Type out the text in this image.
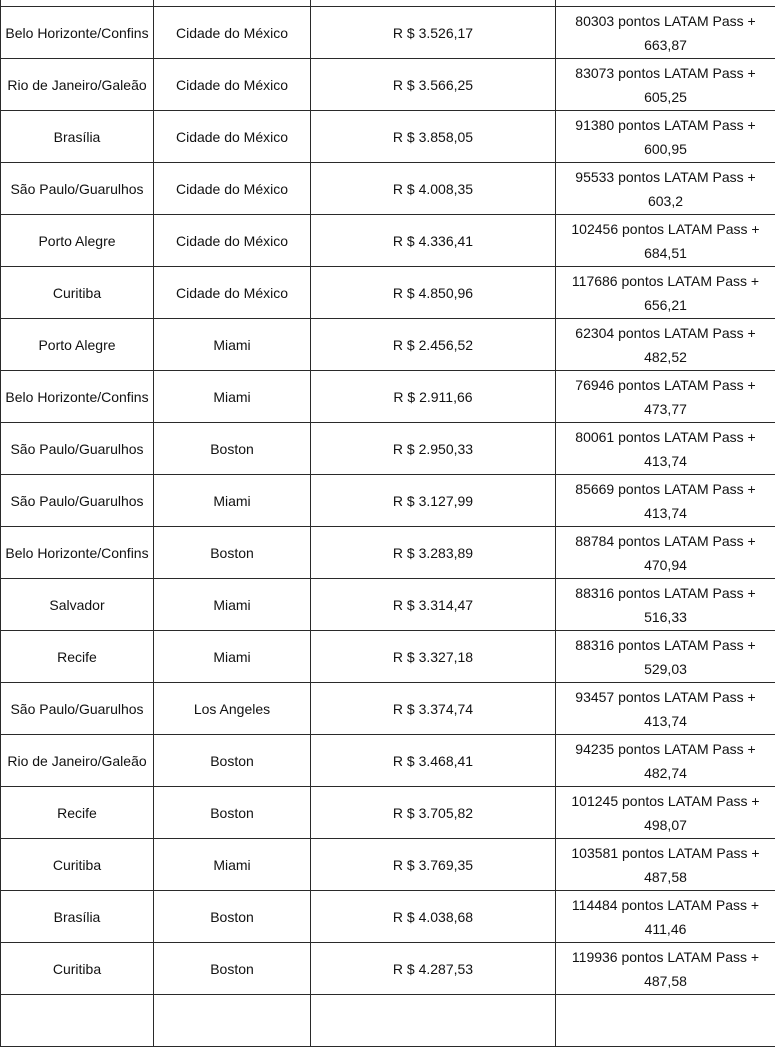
Belo Horizonte/Confins	Cidade do México	R $ 3.526,17	80303 pontos LATAM Pass + 663,87
Rio de Janeiro/Galeão	Cidade do México	R $ 3.566,25	83073 pontos LATAM Pass + 605,25
Brasília	Cidade do México	R $ 3.858,05	91380 pontos LATAM Pass + 600,95
São Paulo/Guarulhos	Cidade do México	R $ 4.008,35	95533 pontos LATAM Pass + 603,2
Porto Alegre	Cidade do México	R $ 4.336,41	102456 pontos LATAM Pass + 684,51
Curitiba	Cidade do México	R $ 4.850,96	117686 pontos LATAM Pass + 656,21
Porto Alegre	Miami	R $ 2.456,52	62304 pontos LATAM Pass + 482,52
Belo Horizonte/Confins	Miami	R $ 2.911,66	76946 pontos LATAM Pass + 473,77
São Paulo/Guarulhos	Boston	R $ 2.950,33	80061 pontos LATAM Pass + 413,74
São Paulo/Guarulhos	Miami	R $ 3.127,99	85669 pontos LATAM Pass + 413,74
Belo Horizonte/Confins	Boston	R $ 3.283,89	88784 pontos LATAM Pass + 470,94
Salvador	Miami	R $ 3.314,47	88316 pontos LATAM Pass + 516,33
Recife	Miami	R $ 3.327,18	88316 pontos LATAM Pass + 529,03
São Paulo/Guarulhos	Los Angeles	R $ 3.374,74	93457 pontos LATAM Pass + 413,74
Rio de Janeiro/Galeão	Boston	R $ 3.468,41	94235 pontos LATAM Pass + 482,74
Recife	Boston	R $ 3.705,82	101245 pontos LATAM Pass + 498,07
Curitiba	Miami	R $ 3.769,35	103581 pontos LATAM Pass + 487,58
Brasília	Boston	R $ 4.038,68	114484 pontos LATAM Pass + 411,46
Curitiba	Boston	R $ 4.287,53	119936 pontos LATAM Pass + 487,58
